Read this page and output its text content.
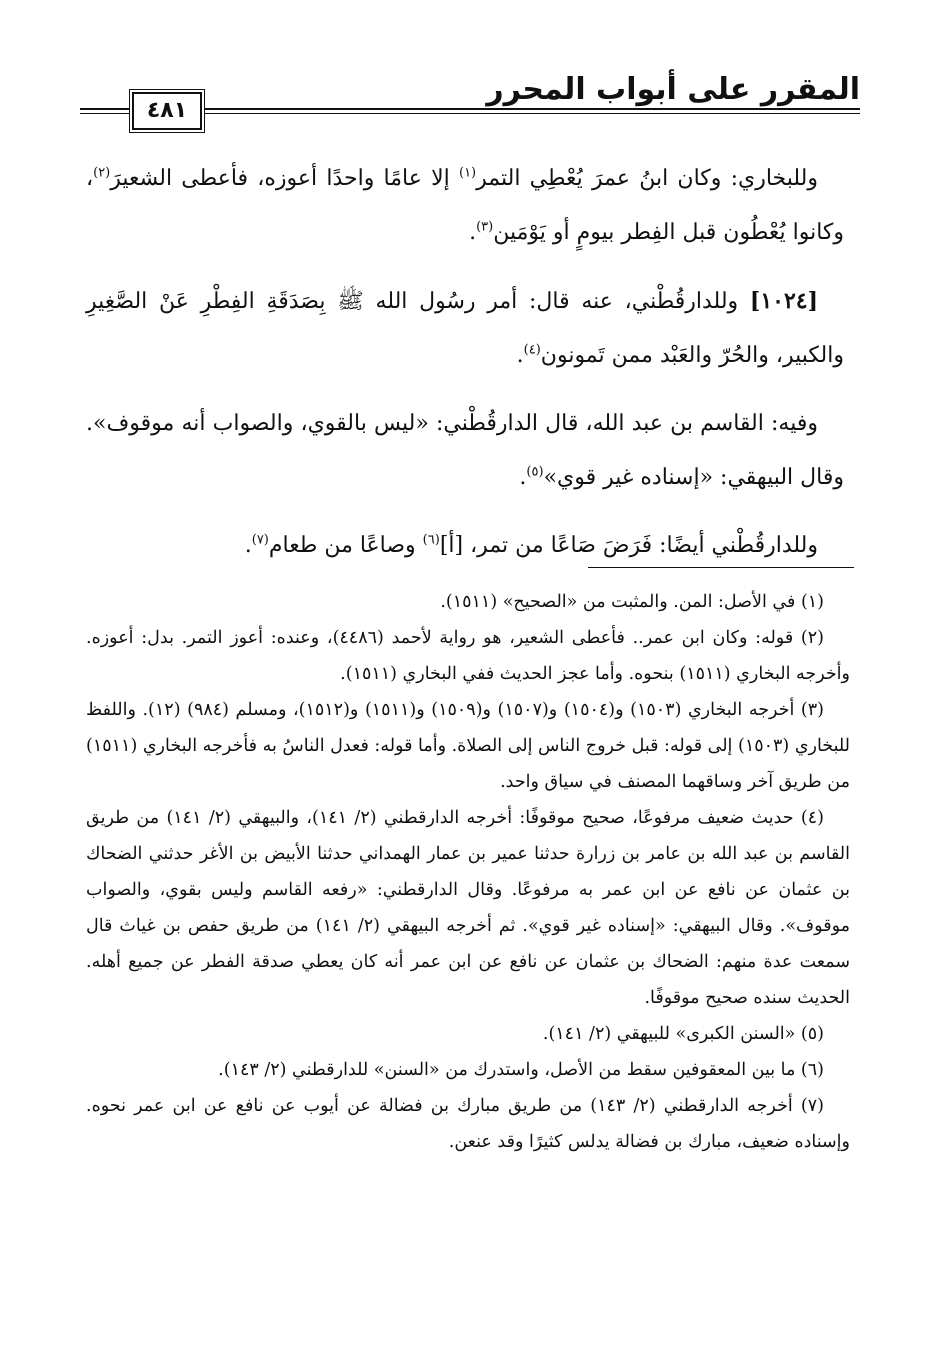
المقرر على أبواب المحرر
٤٨١

وللبخاري: وكان ابنُ عمرَ يُعْطِي التمر$^{(١)}$ إلا عامًا واحدًا أعوزه، فأعطى الشعيرَ$^{(٢)}$، وكانوا يُعْطُون قبل الفِطر بيومٍ أو يَوْمَين$^{(٣)}$.

[١٠٢٤] وللدارقُطْني، عنه قال: أمر رسُول الله ﷺ بِصَدَقَةِ الفِطْرِ عَنْ الصَّغِيرِ والكبير، والحُرّ والعَبْد ممن تَمونون$^{(٤)}$.

وفيه: القاسم بن عبد الله، قال الدارقُطْني: «ليس بالقوي، والصواب أنه موقوف». وقال البيهقي: «إسناده غير قوي»$^{(٥)}$.

وللدارقُطْني أيضًا: فَرَضَ صَاعًا من تمر، [أ]$^{(٦)}$ وصاعًا من طعام$^{(٧)}$.

(١) في الأصل: المن. والمثبت من «الصحيح» (١٥١١).

(٢) قوله: وكان ابن عمر.. فأعطى الشعير، هو رواية لأحمد (٤٤٨٦)، وعنده: أعوز التمر. بدل: أعوزه. وأخرجه البخاري (١٥١١) بنحوه. وأما عجز الحديث ففي البخاري (١٥١١).

(٣) أخرجه البخاري (١٥٠٣) و(١٥٠٤) و(١٥٠٧) و(١٥٠٩) و(١٥١١) و(١٥١٢)، ومسلم (٩٨٤) (١٢). واللفظ للبخاري (١٥٠٣) إلى قوله: قبل خروج الناس إلى الصلاة. وأما قوله: فعدل الناسُ به فأخرجه البخاري (١٥١١) من طريق آخر وساقهما المصنف في سياق واحد.

(٤) حديث ضعيف مرفوعًا، صحيح موقوفًا: أخرجه الدارقطني (٢/ ١٤١)، والبيهقي (٢/ ١٤١) من طريق القاسم بن عبد الله بن عامر بن زرارة حدثنا عمير بن عمار الهمداني حدثنا الأبيض بن الأغر حدثني الضحاك بن عثمان عن نافع عن ابن عمر به مرفوعًا. وقال الدارقطني: «رفعه القاسم وليس بقوي، والصواب موقوف». وقال البيهقي: «إسناده غير قوي». ثم أخرجه البيهقي (٢/ ١٤١) من طريق حفص بن غياث قال سمعت عدة منهم: الضحاك بن عثمان عن نافع عن ابن عمر أنه كان يعطي صدقة الفطر عن جميع أهله. الحديث سنده صحيح موقوفًا.

(٥) «السنن الكبرى» للبيهقي (٢/ ١٤١).

(٦) ما بين المعقوفين سقط من الأصل، واستدرك من «السنن» للدارقطني (٢/ ١٤٣).

(٧) أخرجه الدارقطني (٢/ ١٤٣) من طريق مبارك بن فضالة عن أيوب عن نافع عن ابن عمر نحوه. وإسناده ضعيف، مبارك بن فضالة يدلس كثيرًا وقد عنعن.
